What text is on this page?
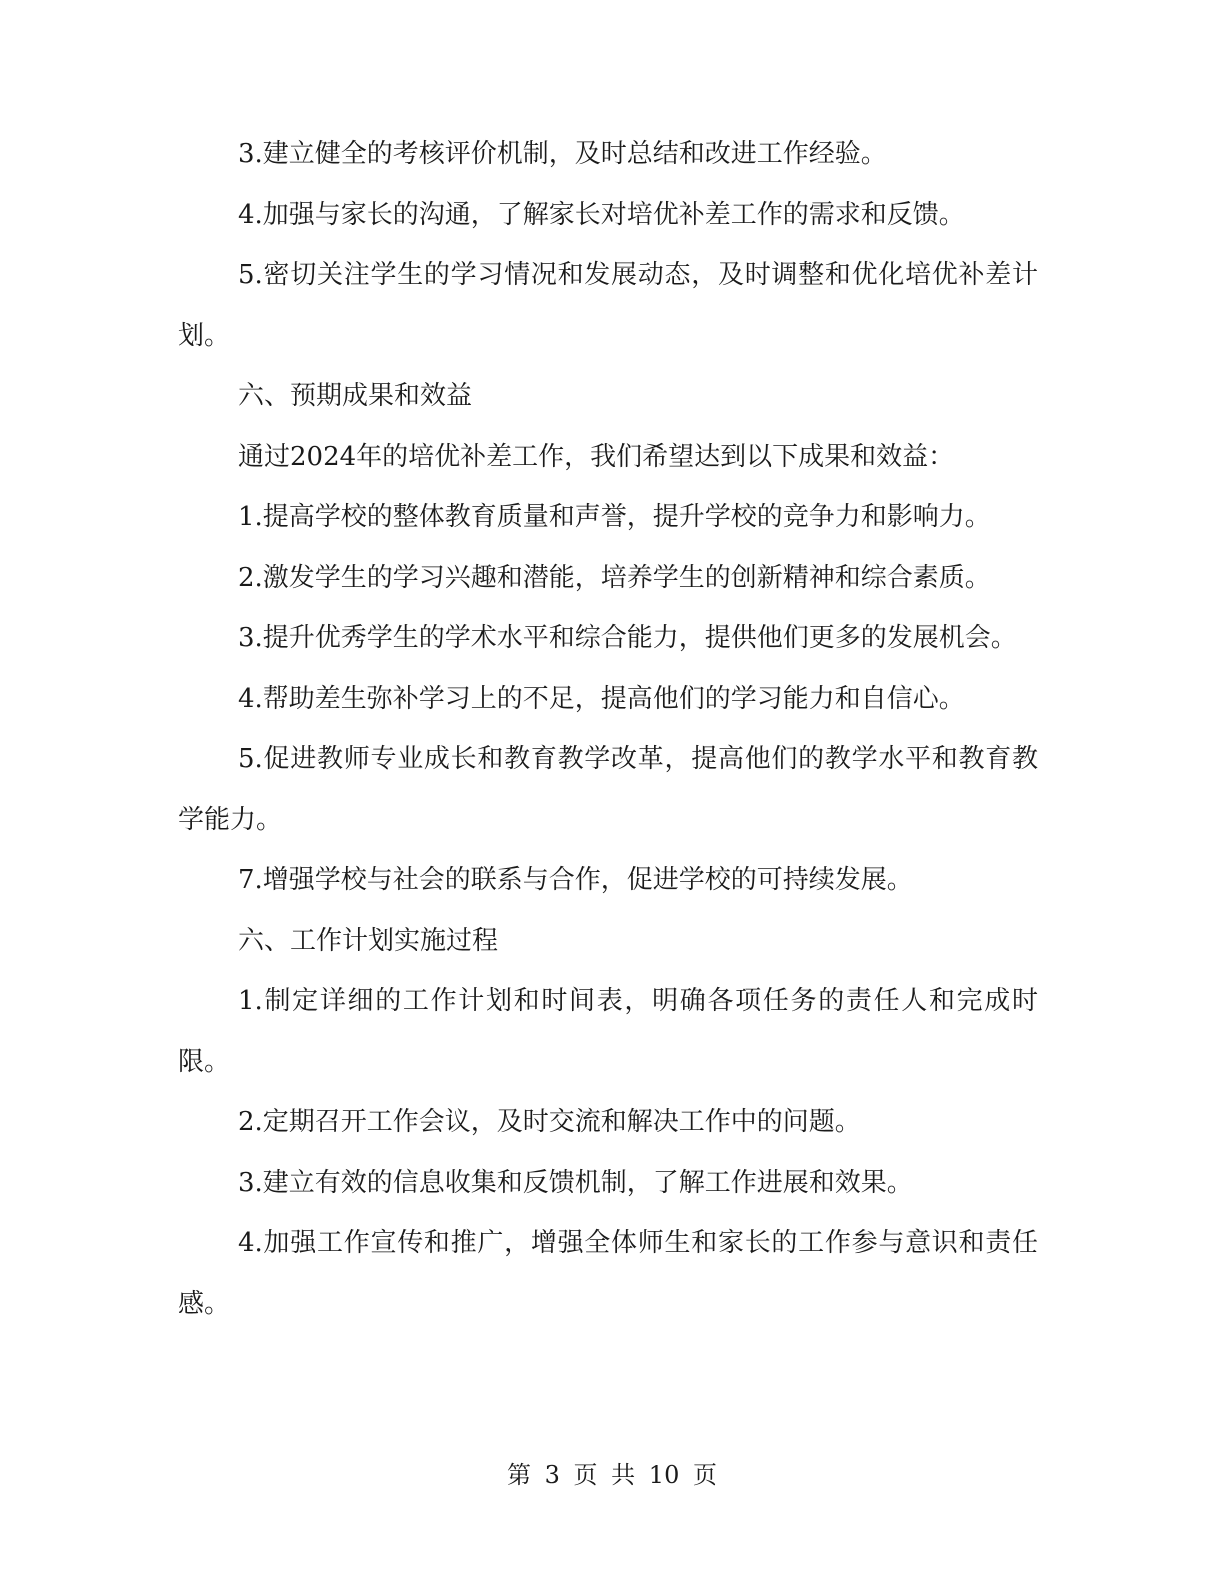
3.建立健全的考核评价机制，及时总结和改进工作经验。

4.加强与家长的沟通，了解家长对培优补差工作的需求和反馈。

5.密切关注学生的学习情况和发展动态，及时调整和优化培优补差计划。

六、预期成果和效益

通过2024年的培优补差工作，我们希望达到以下成果和效益：

1.提高学校的整体教育质量和声誉，提升学校的竞争力和影响力。

2.激发学生的学习兴趣和潜能，培养学生的创新精神和综合素质。

3.提升优秀学生的学术水平和综合能力，提供他们更多的发展机会。

4.帮助差生弥补学习上的不足，提高他们的学习能力和自信心。

5.促进教师专业成长和教育教学改革，提高他们的教学水平和教育教学能力。

7.增强学校与社会的联系与合作，促进学校的可持续发展。

六、工作计划实施过程

1.制定详细的工作计划和时间表，明确各项任务的责任人和完成时限。

2.定期召开工作会议，及时交流和解决工作中的问题。

3.建立有效的信息收集和反馈机制，了解工作进展和效果。

4.加强工作宣传和推广，增强全体师生和家长的工作参与意识和责任感。

第 3 页 共 10 页
